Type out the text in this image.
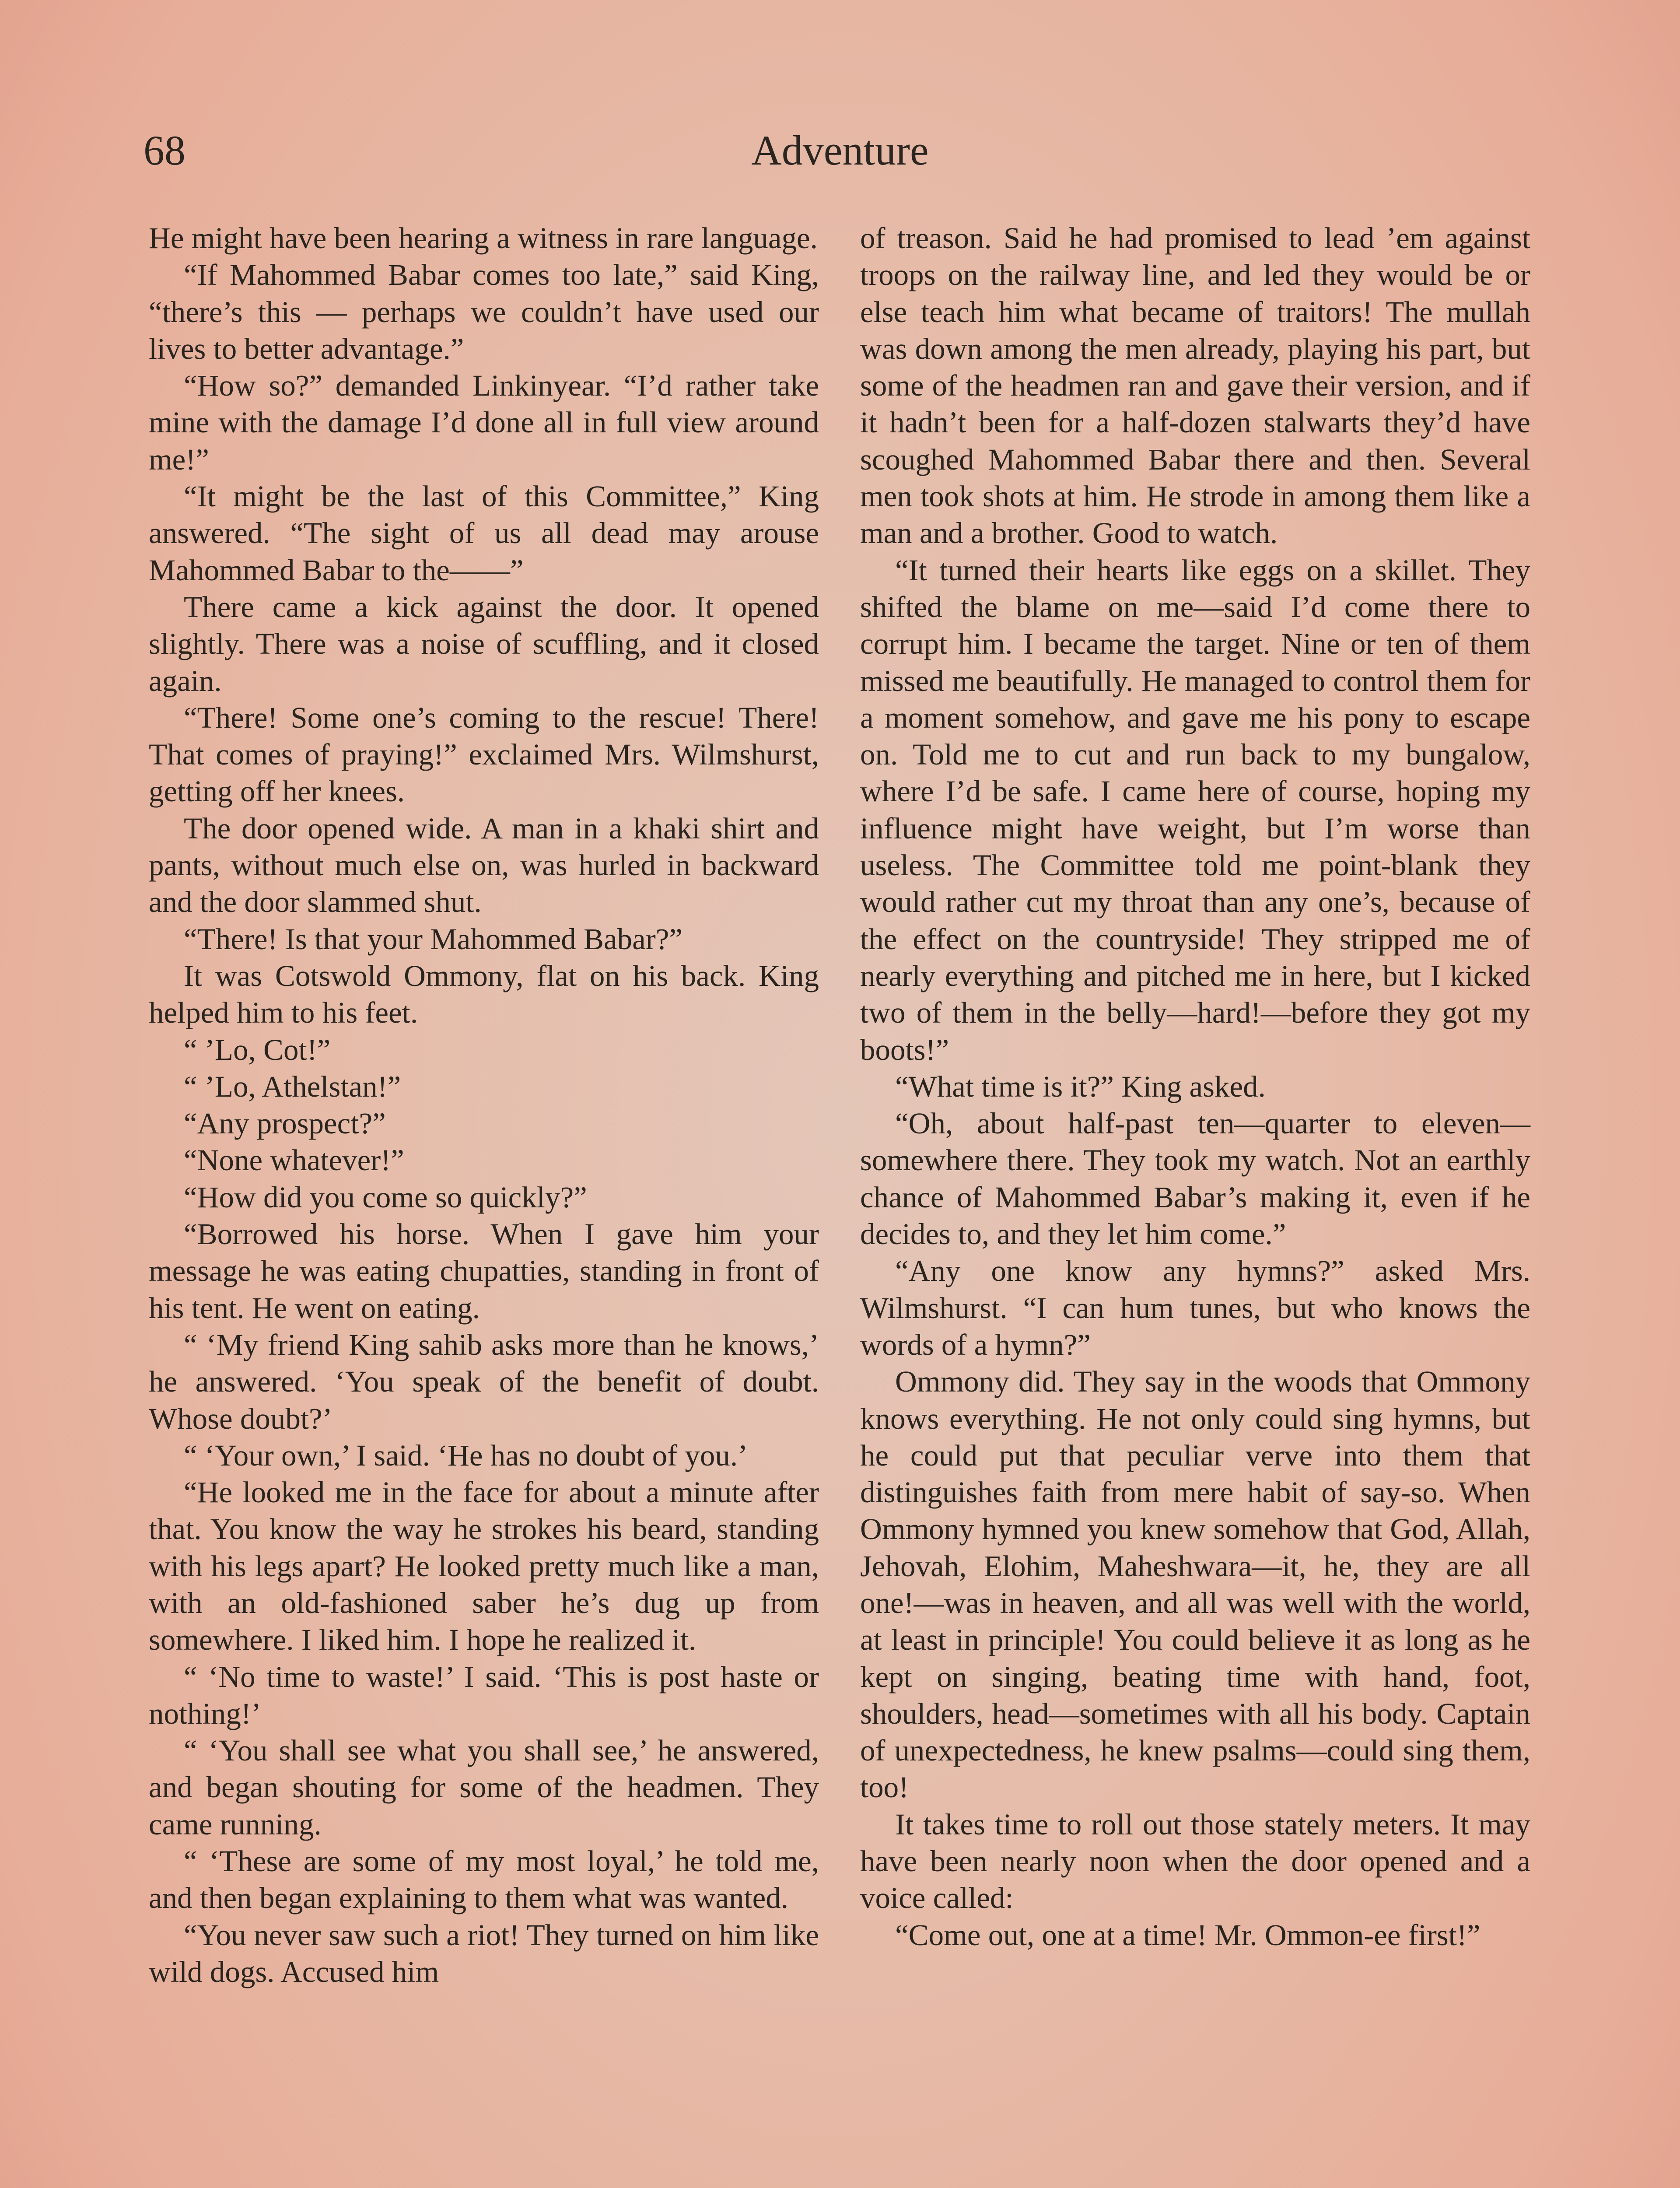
68	Adventure

He might have been hearing a witness in rare language.

“If Mahommed Babar comes too late,” said King, “there’s this — perhaps we couldn’t have used our lives to better advantage.”

“How so?” demanded Linkinyear. “I’d rather take mine with the damage I’d done all in full view around me!”

“It might be the last of this Committee,” King answered. “The sight of us all dead may arouse Mahommed Babar to the——”

There came a kick against the door. It opened slightly. There was a noise of scuffling, and it closed again.

“There! Some one’s coming to the rescue! There! That comes of praying!” exclaimed Mrs. Wilmshurst, getting off her knees.

The door opened wide. A man in a khaki shirt and pants, without much else on, was hurled in backward and the door slammed shut.

“There! Is that your Mahommed Babar?”

It was Cotswold Ommony, flat on his back. King helped him to his feet.

“ ’Lo, Cot!”

“ ’Lo, Athelstan!”

“Any prospect?”

“None whatever!”

“How did you come so quickly?”

“Borrowed his horse. When I gave him your message he was eating chupatties, standing in front of his tent. He went on eating.

“ ‘My friend King sahib asks more than he knows,’ he answered. ‘You speak of the benefit of doubt. Whose doubt?’

“ ‘Your own,’ I said. ‘He has no doubt of you.’

“He looked me in the face for about a minute after that. You know the way he strokes his beard, standing with his legs apart? He looked pretty much like a man, with an old-fashioned saber he’s dug up from somewhere. I liked him. I hope he realized it.

“ ‘No time to waste!’ I said. ‘This is post haste or nothing!’

“ ‘You shall see what you shall see,’ he answered, and began shouting for some of the headmen. They came running.

“ ‘These are some of my most loyal,’ he told me, and then began explaining to them what was wanted.

“You never saw such a riot! They turned on him like wild dogs. Accused him

of treason. Said he had promised to lead ’em against troops on the railway line, and led they would be or else teach him what became of traitors! The mullah was down among the men already, playing his part, but some of the headmen ran and gave their version, and if it hadn’t been for a half-dozen stalwarts they’d have scoughed Mahommed Babar there and then. Several men took shots at him. He strode in among them like a man and a brother. Good to watch.

“It turned their hearts like eggs on a skillet. They shifted the blame on me—said I’d come there to corrupt him. I became the target. Nine or ten of them missed me beautifully. He managed to control them for a moment somehow, and gave me his pony to escape on. Told me to cut and run back to my bungalow, where I’d be safe. I came here of course, hoping my influence might have weight, but I’m worse than useless. The Committee told me point-blank they would rather cut my throat than any one’s, because of the effect on the countryside! They stripped me of nearly everything and pitched me in here, but I kicked two of them in the belly—hard!—before they got my boots!”

“What time is it?” King asked.

“Oh, about half-past ten—quarter to eleven—somewhere there. They took my watch. Not an earthly chance of Mahommed Babar’s making it, even if he decides to, and they let him come.”

“Any one know any hymns?” asked Mrs. Wilmshurst. “I can hum tunes, but who knows the words of a hymn?”

Ommony did. They say in the woods that Ommony knows everything. He not only could sing hymns, but he could put that peculiar verve into them that distinguishes faith from mere habit of say-so. When Ommony hymned you knew somehow that God, Allah, Jehovah, Elohim, Maheshwara—it, he, they are all one!—was in heaven, and all was well with the world, at least in principle! You could believe it as long as he kept on singing, beating time with hand, foot, shoulders, head—sometimes with all his body. Captain of unexpectedness, he knew psalms—could sing them, too!

It takes time to roll out those stately meters. It may have been nearly noon when the door opened and a voice called:

“Come out, one at a time! Mr. Ommon-ee first!”
